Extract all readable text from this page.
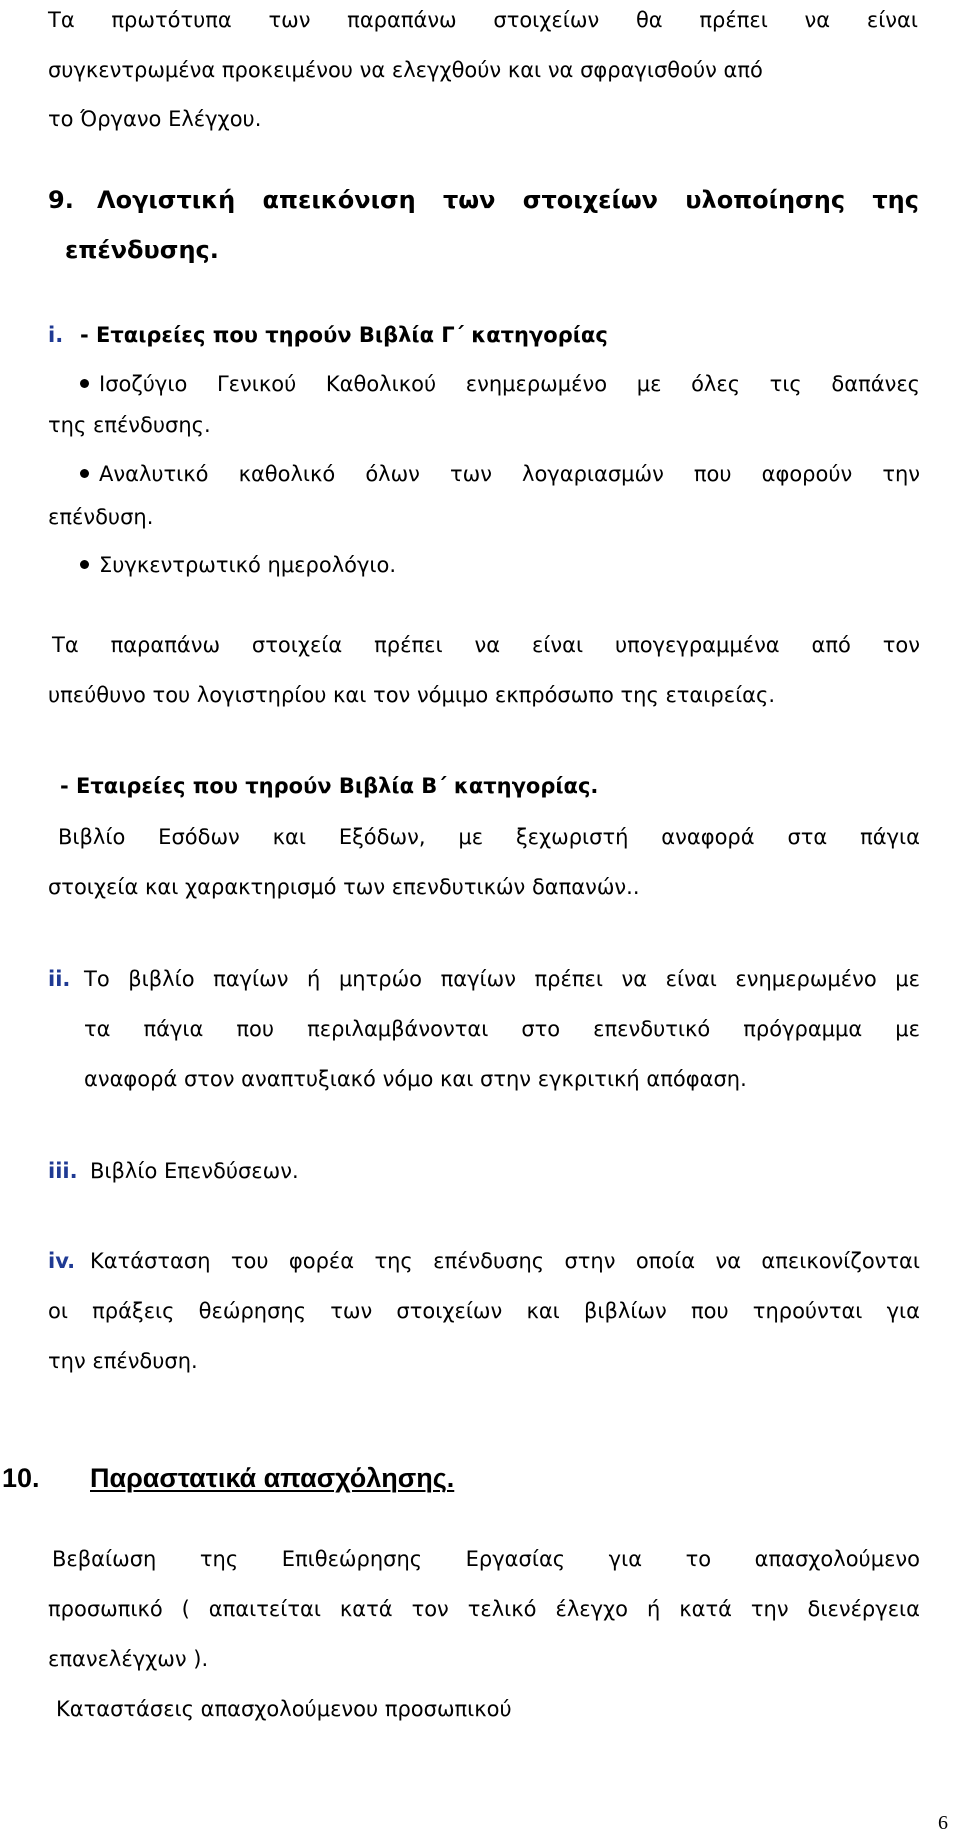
Τα πρωτότυπα των παραπάνω στοιχείων θα πρέπει να είναι

συγκεντρωμένα προκειμένου να ελεγχθούν και να σφραγισθούν από

το Όργανο Ελέγχου.

9. Λογιστική απεικόνιση των στοιχείων υλοποίησης της
επένδυσης.
i. - Εταιρείες που τηρούν Βιβλία Γ΄ κατηγορίας
Ισοζύγιο Γενικού Καθολικού ενημερωμένο με όλες τις δαπάνες
της επένδυσης.
Αναλυτικό καθολικό όλων των λογαριασμών που αφορούν την
επένδυση.
Συγκεντρωτικό ημερολόγιο.
Τα παραπάνω στοιχεία πρέπει να είναι υπογεγραμμένα από τον
υπεύθυνο του λογιστηρίου και τον νόμιμο εκπρόσωπο της εταιρείας.
- Εταιρείες που τηρούν Βιβλία Β΄ κατηγορίας.
Βιβλίο Εσόδων και Εξόδων, με ξεχωριστή αναφορά στα πάγια
στοιχεία και χαρακτηρισμό των επενδυτικών δαπανών..
ii. Το βιβλίο παγίων ή μητρώο παγίων πρέπει να είναι ενημερωμένο με
τα πάγια που περιλαμβάνονται στο επενδυτικό πρόγραμμα με
αναφορά στον αναπτυξιακό νόμο και στην εγκριτική απόφαση.
iii. Βιβλίο Επενδύσεων.
iv. Κατάσταση του φορέα της επένδυσης στην οποία να απεικονίζονται
οι πράξεις θεώρησης των στοιχείων και βιβλίων που τηρούνται για
την επένδυση.
10. Παραστατικά απασχόλησης.
Βεβαίωση της Επιθεώρησης Εργασίας για το απασχολούμενο
προσωπικό ( απαιτείται κατά τον τελικό έλεγχο ή κατά την διενέργεια
επανελέγχων ).
Καταστάσεις απασχολούμενου προσωπικού
6
